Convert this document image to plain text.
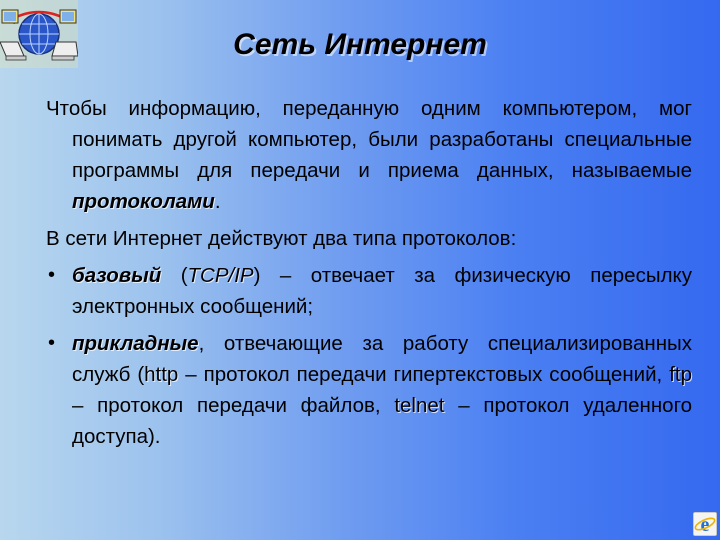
Сеть Интернет

Чтобы информацию, переданную одним компьютером, мог понимать другой компьютер, были разработаны специальные программы для передачи и приема данных, называемые протоколами.

В сети Интернет действуют два типа протоколов:

• базовый (TCP/IP) – отвечает за физическую пересылку электронных сообщений;
• прикладные, отвечающие за работу специализированных служб (http – протокол передачи гипертекстовых сообщений, ftp – протокол передачи файлов, telnet – протокол удаленного доступа).
e
